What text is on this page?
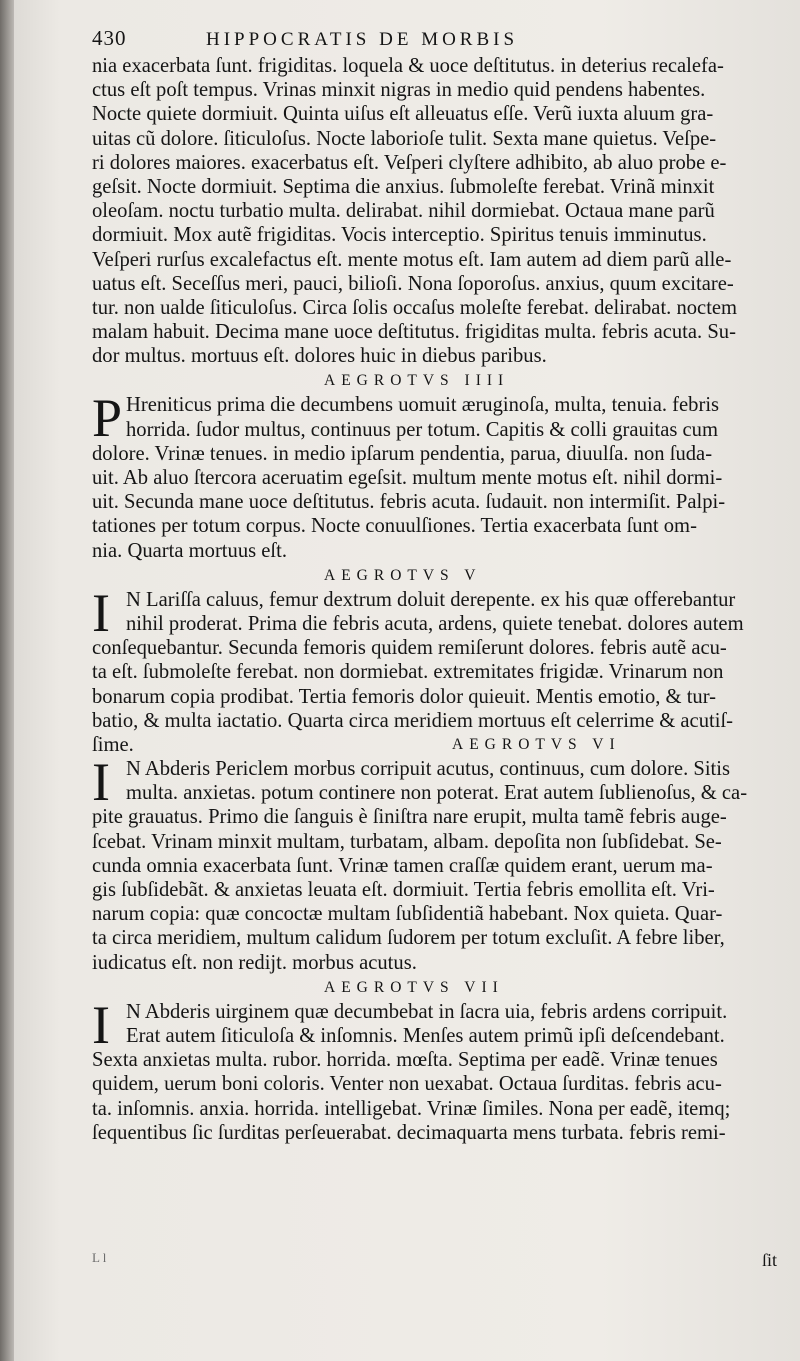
430	HIPPOCRATIS DE MORBIS
nia exacerbata ſunt. frigiditas. loquela & uoce deſtitutus. in deterius recalefa-
ctus eſt poſt tempus. Vrinas minxit nigras in medio quid pendens habentes.
Nocte quiete dormiuit. Quinta uiſus eſt alleuatus eſſe. Verũ iuxta aluum gra-
uitas cũ dolore. ſiticuloſus. Nocte laborioſe tulit. Sexta mane quietus. Veſpe-
ri dolores maiores. exacerbatus eſt. Veſperi clyſtere adhibito, ab aluo probe e-
geſsit. Nocte dormiuit. Septima die anxius. ſubmoleſte ferebat. Vrinã minxit
oleoſam. noctu turbatio multa. delirabat. nihil dormiebat. Octaua mane parũ
dormiuit. Mox autẽ frigiditas. Vocis interceptio. Spiritus tenuis imminutus.
Veſperi rurſus excalefactus eſt. mente motus eſt. Iam autem ad diem parũ alle-
uatus eſt. Seceſſus meri, pauci, bilioſi. Nona ſoporoſus. anxius, quum excitare-
tur. non ualde ſiticuloſus. Circa ſolis occaſus moleſte ferebat. delirabat. noctem
malam habuit. Decima mane uoce deſtitutus. frigiditas multa. febris acuta. Su-
dor multus. mortuus eſt. dolores huic in diebus paribus.
AEGROTVS IIII
P Hreniticus prima die decumbens uomuit æruginoſa, multa, tenuia. febris
horrida. ſudor multus, continuus per totum. Capitis & colli grauitas cum
dolore. Vrinæ tenues. in medio ipſarum pendentia, parua, diuulſa. non ſuda-
uit. Ab aluo ſtercora aceruatim egeſsit. multum mente motus eſt. nihil dormi-
uit. Secunda mane uoce deſtitutus. febris acuta. ſudauit. non intermiſit. Palpi-
tationes per totum corpus. Nocte conuulſiones. Tertia exacerbata ſunt om-
nia. Quarta mortuus eſt.
AEGROTVS V
I N Lariſſa caluus, femur dextrum doluit derepente. ex his quæ offerebantur
nihil proderat. Prima die febris acuta, ardens, quiete tenebat. dolores autem
conſequebantur. Secunda femoris quidem remiſerunt dolores. febris autẽ acu-
ta eſt. ſubmoleſte ferebat. non dormiebat. extremitates frigidæ. Vrinarum non
bonarum copia prodibat. Tertia femoris dolor quieuit. Mentis emotio, & tur-
batio, & multa iactatio. Quarta circa meridiem mortuus eſt celerrime & acutiſ-
ſime.	AEGROTVS VI
I N Abderis Periclem morbus corripuit acutus, continuus, cum dolore. Sitis
multa. anxietas. potum continere non poterat. Erat autem ſublienoſus, & ca-
pite grauatus. Primo die ſanguis è ſiniſtra nare erupit, multa tamẽ febris auge-
ſcebat. Vrinam minxit multam, turbatam, albam. depoſita non ſubſidebat. Se-
cunda omnia exacerbata ſunt. Vrinæ tamen craſſæ quidem erant, uerum ma-
gis ſubſidebãt. & anxietas leuata eſt. dormiuit. Tertia febris emollita eſt. Vri-
narum copia: quæ concoctæ multam ſubſidentiã habebant. Nox quieta. Quar-
ta circa meridiem, multum calidum ſudorem per totum excluſit. A febre liber,
iudicatus eſt. non rediјt. morbus acutus.
AEGROTVS VII
I N Abderis uirginem quæ decumbebat in ſacra uia, febris ardens corripuit.
Erat autem ſiticuloſa & inſomnis. Menſes autem primũ ipſi deſcendebant.
Sexta anxietas multa. rubor. horrida. mœſta. Septima per eadẽ. Vrinæ tenues
quidem, uerum boni coloris. Venter non uexabat. Octaua ſurditas. febris acu-
ta. inſomnis. anxia. horrida. intelligebat. Vrinæ ſimiles. Nona per eadẽ, itemq;
ſequentibus ſic ſurditas perſeuerabat. decimaquarta mens turbata. febris remi-
L l	ſit
